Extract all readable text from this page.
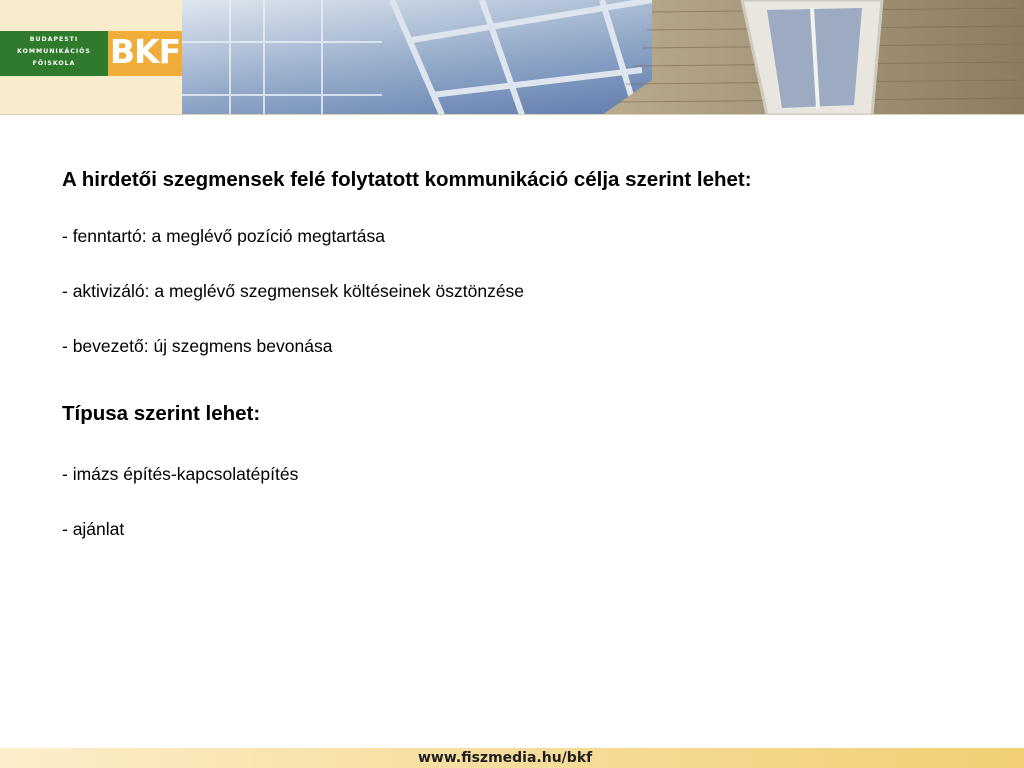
BUDAPESTI
KOMMUNIKÁCIÓS
FŐISKOLA	BKF

A hirdetői szegmensek felé folytatott kommunikáció célja szerint lehet:

- fenntartó: a meglévő pozíció megtartása

- aktivizáló: a meglévő szegmensek költéseinek ösztönzése

- bevezető: új szegmens bevonása

Típusa szerint lehet:

- imázs építés-kapcsolatépítés

- ajánlat

www.fiszmedia.hu/bkf
